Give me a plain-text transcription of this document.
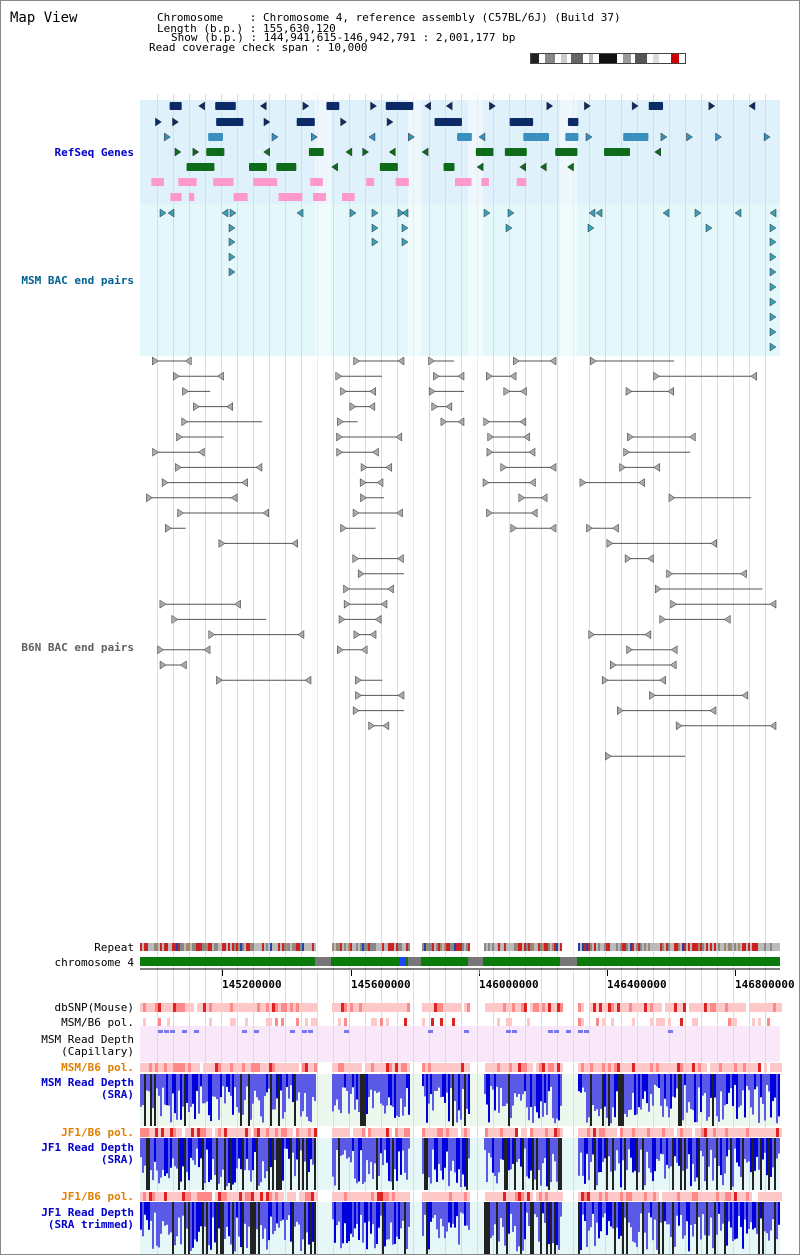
Map View	Chromosome    : Chromosome 4, reference assembly (C57BL/6J) (Build 37)
Length (b.p.) : 155,630,120
Show (b.p.) : 144,941,615-146,942,791 : 2,001,177 bp
Read coverage check span : 10,000
RefSeq Genes
MSM BAC end pairs
B6N BAC end pairs
Repeat
chromosome 4
dbSNP(Mouse)
MSM/B6 pol.
MSM Read Depth
(Capillary)
MSM/B6 pol.
MSM Read Depth
(SRA)
JF1/B6 pol.
JF1 Read Depth
(SRA)
JF1/B6 pol.
JF1 Read Depth
(SRA trimmed)
145200000	145600000	146000000	146400000	146800000
